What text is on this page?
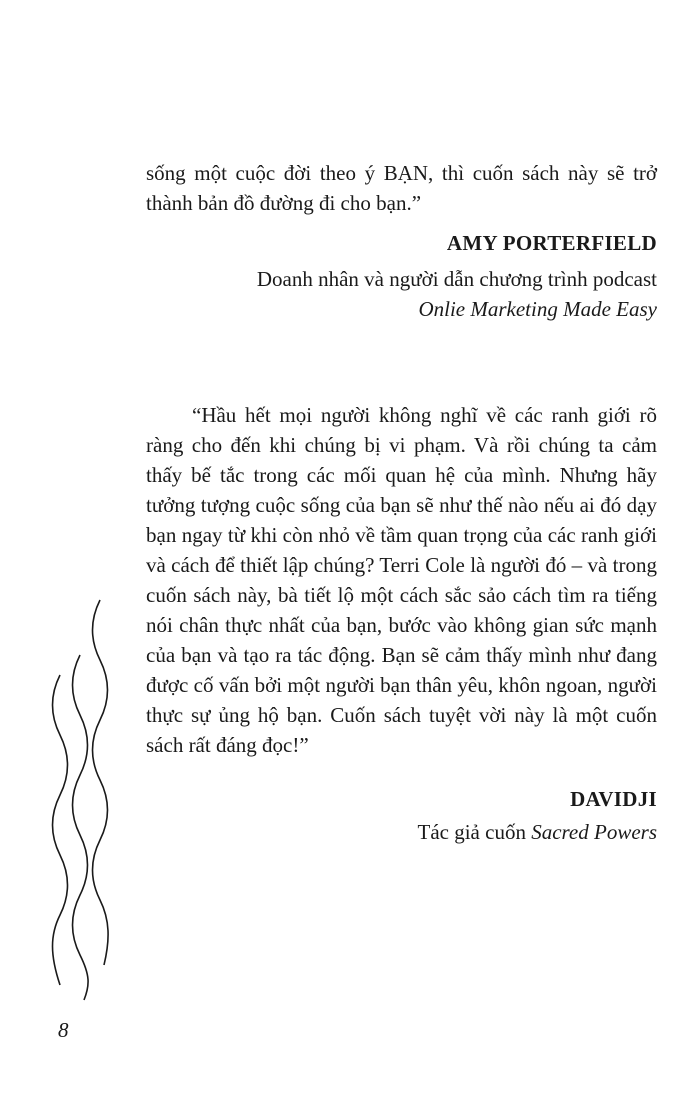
sống một cuộc đời theo ý BẠN, thì cuốn sách này sẽ trở thành bản đồ đường đi cho bạn.”

AMY PORTERFIELD
Doanh nhân và người dẫn chương trình podcast
Onlie Marketing Made Easy

“Hầu hết mọi người không nghĩ về các ranh giới rõ ràng cho đến khi chúng bị vi phạm. Và rồi chúng ta cảm thấy bế tắc trong các mối quan hệ của mình. Nhưng hãy tưởng tượng cuộc sống của bạn sẽ như thế nào nếu ai đó dạy bạn ngay từ khi còn nhỏ về tầm quan trọng của các ranh giới và cách để thiết lập chúng? Terri Cole là người đó – và trong cuốn sách này, bà tiết lộ một cách sắc sảo cách tìm ra tiếng nói chân thực nhất của bạn, bước vào không gian sức mạnh của bạn và tạo ra tác động. Bạn sẽ cảm thấy mình như đang được cố vấn bởi một người bạn thân yêu, khôn ngoan, người thực sự ủng hộ bạn. Cuốn sách tuyệt vời này là một cuốn sách rất đáng đọc!”

DAVIDJI
Tác giả cuốn Sacred Powers
8
